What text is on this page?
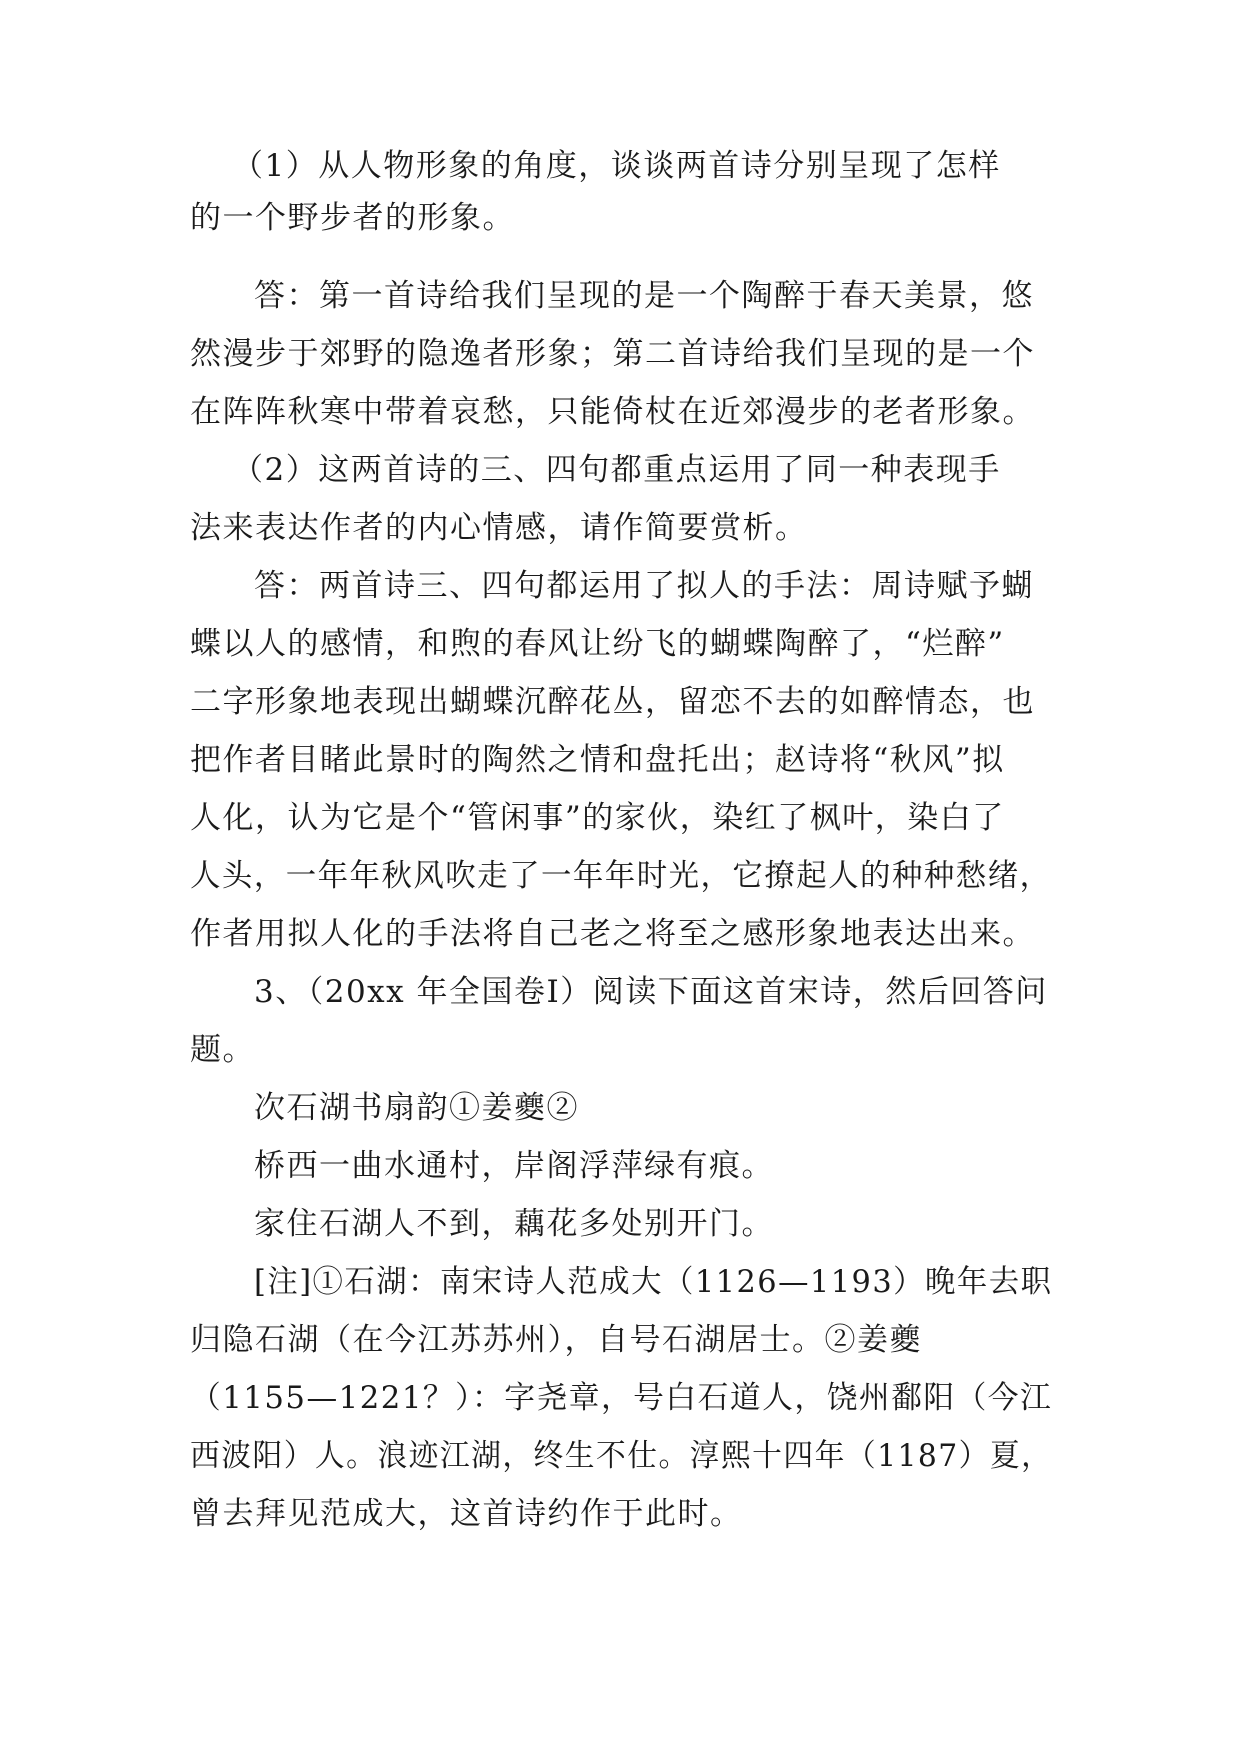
（1）从人物形象的角度，谈谈两首诗分别呈现了怎样
的一个野步者的形象。
答：第一首诗给我们呈现的是一个陶醉于春天美景，悠
然漫步于郊野的隐逸者形象；第二首诗给我们呈现的是一个
在阵阵秋寒中带着哀愁，只能倚杖在近郊漫步的老者形象。
（2）这两首诗的三、四句都重点运用了同一种表现手
法来表达作者的内心情感，请作简要赏析。
答：两首诗三、四句都运用了拟人的手法：周诗赋予蝴
蝶以人的感情，和煦的春风让纷飞的蝴蝶陶醉了，“烂醉”
二字形象地表现出蝴蝶沉醉花丛，留恋不去的如醉情态，也
把作者目睹此景时的陶然之情和盘托出；赵诗将“秋风”拟
人化，认为它是个“管闲事”的家伙，染红了枫叶，染白了
人头，一年年秋风吹走了一年年时光，它撩起人的种种愁绪，
作者用拟人化的手法将自己老之将至之感形象地表达出来。
3、（20xx 年全国卷Ⅰ）阅读下面这首宋诗，然后回答问
题。
次石湖书扇韵①姜夔②
桥西一曲水通村，岸阁浮萍绿有痕。
家住石湖人不到，藕花多处别开门。
[注]①石湖：南宋诗人范成大（1126—1193）晚年去职
归隐石湖（在今江苏苏州），自号石湖居士。②姜夔
（1155—1221？）：字尧章，号白石道人，饶州鄱阳（今江
西波阳）人。浪迹江湖，终生不仕。淳熙十四年（1187）夏，
曾去拜见范成大，这首诗约作于此时。
